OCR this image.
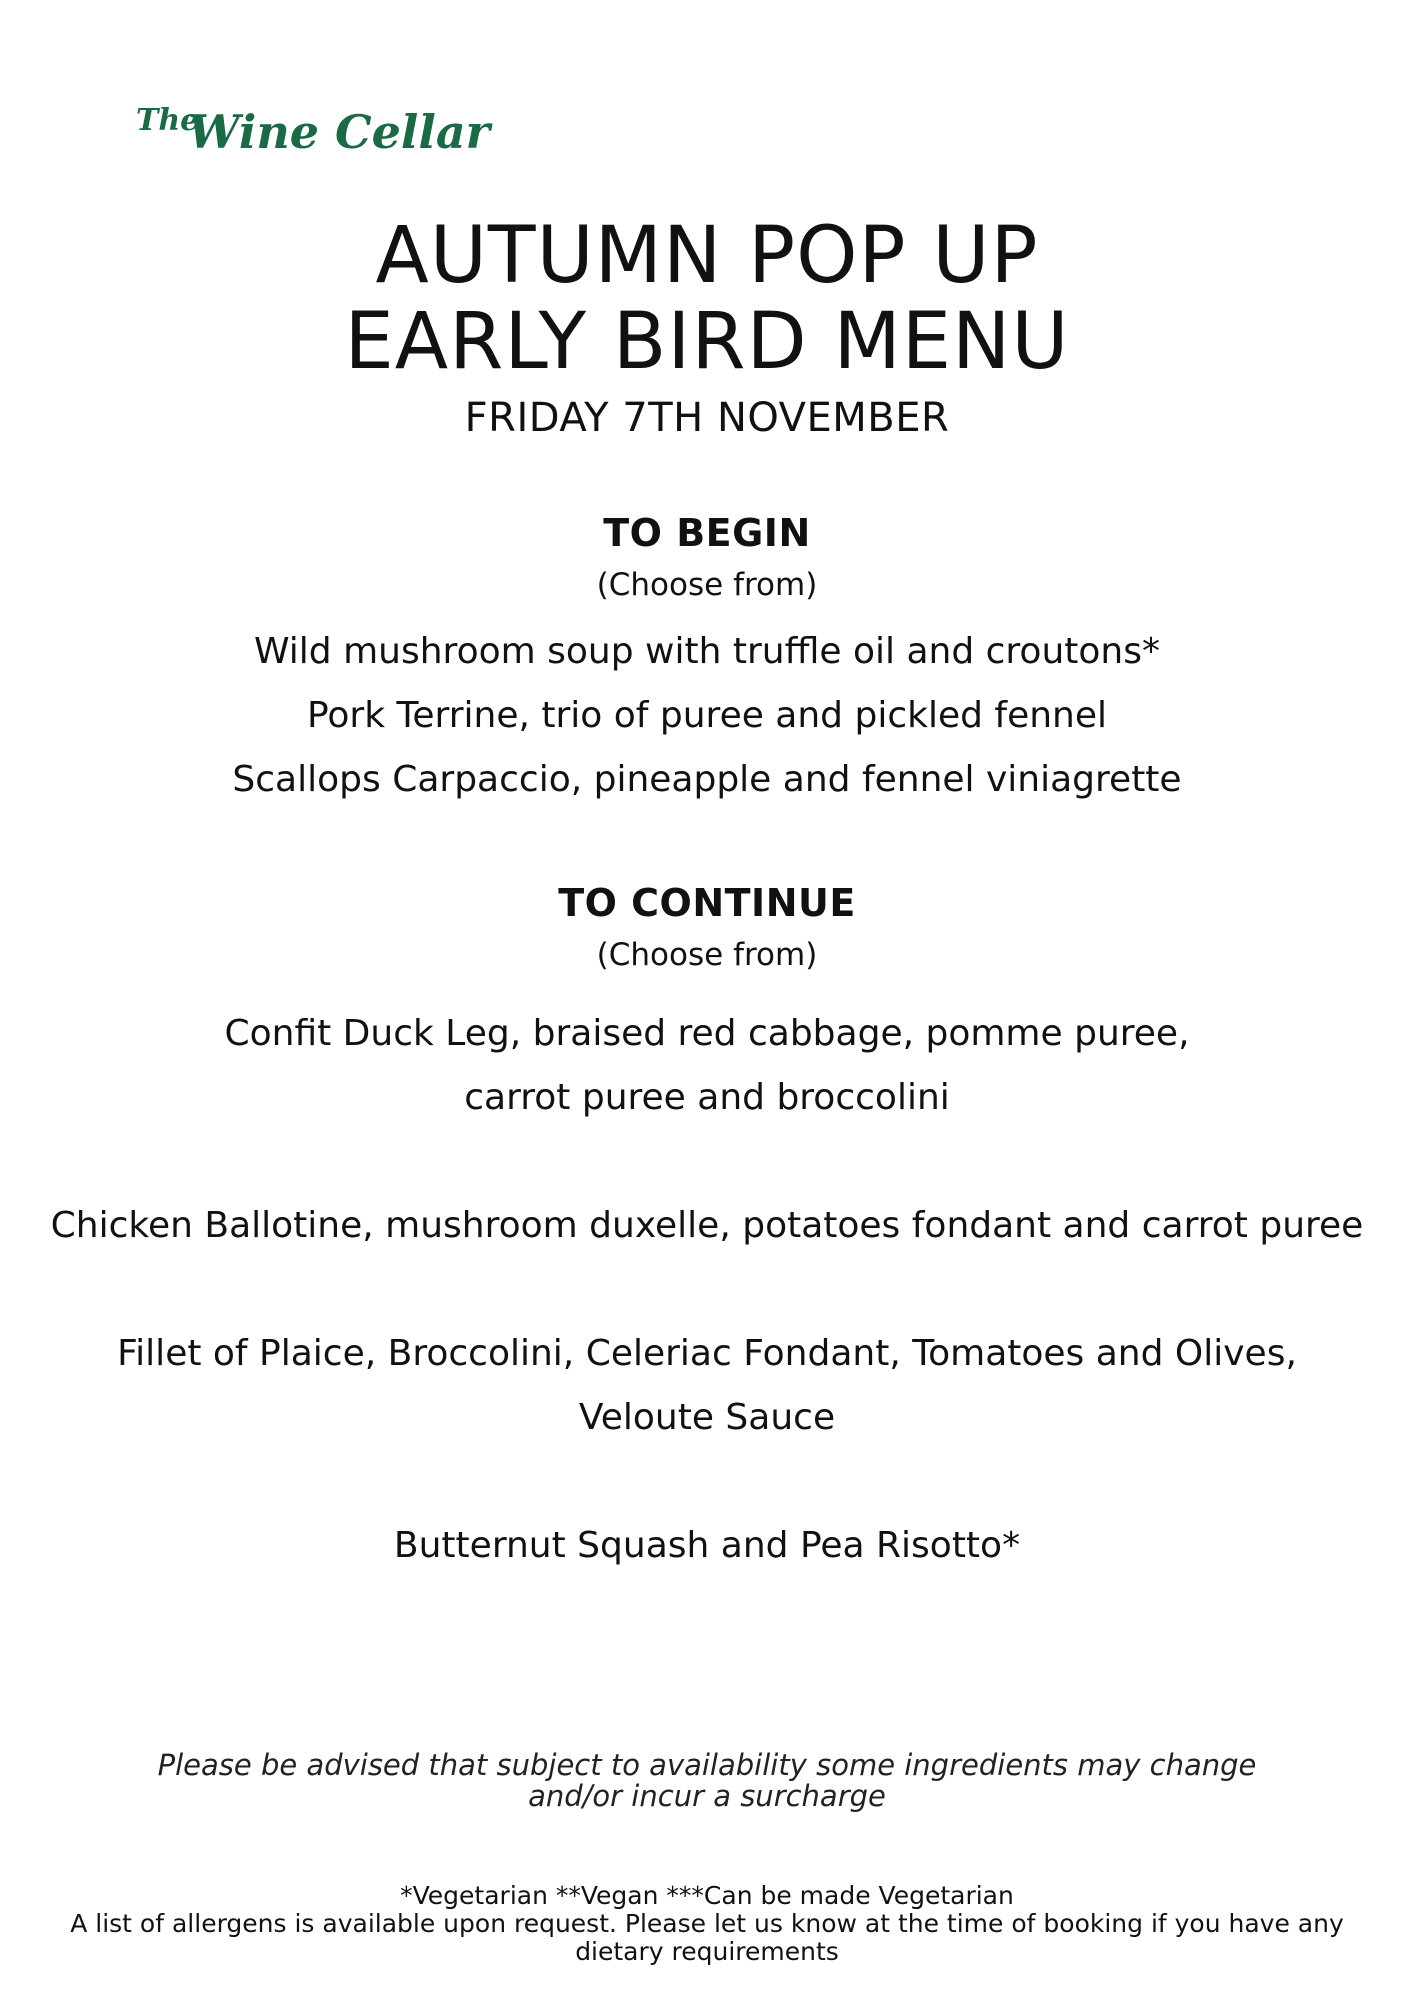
The
Wine Cellar
AUTUMN POP UP
EARLY BIRD MENU
FRIDAY 7TH NOVEMBER
TO BEGIN
(Choose from)
Wild mushroom soup with truffle oil and croutons*
Pork Terrine, trio of puree and pickled fennel
Scallops Carpaccio, pineapple and fennel viniagrette
TO CONTINUE
(Choose from)
Confit Duck Leg, braised red cabbage, pomme puree,
carrot puree and broccolini
Chicken Ballotine, mushroom duxelle, potatoes fondant and carrot puree
Fillet of Plaice, Broccolini, Celeriac Fondant, Tomatoes and Olives,
Veloute Sauce
Butternut Squash and Pea Risotto*
Please be advised that subject to availability some ingredients may change
and/or incur a surcharge
*Vegetarian **Vegan ***Can be made Vegetarian
A list of allergens is available upon request. Please let us know at the time of booking if you have any
dietary requirements
